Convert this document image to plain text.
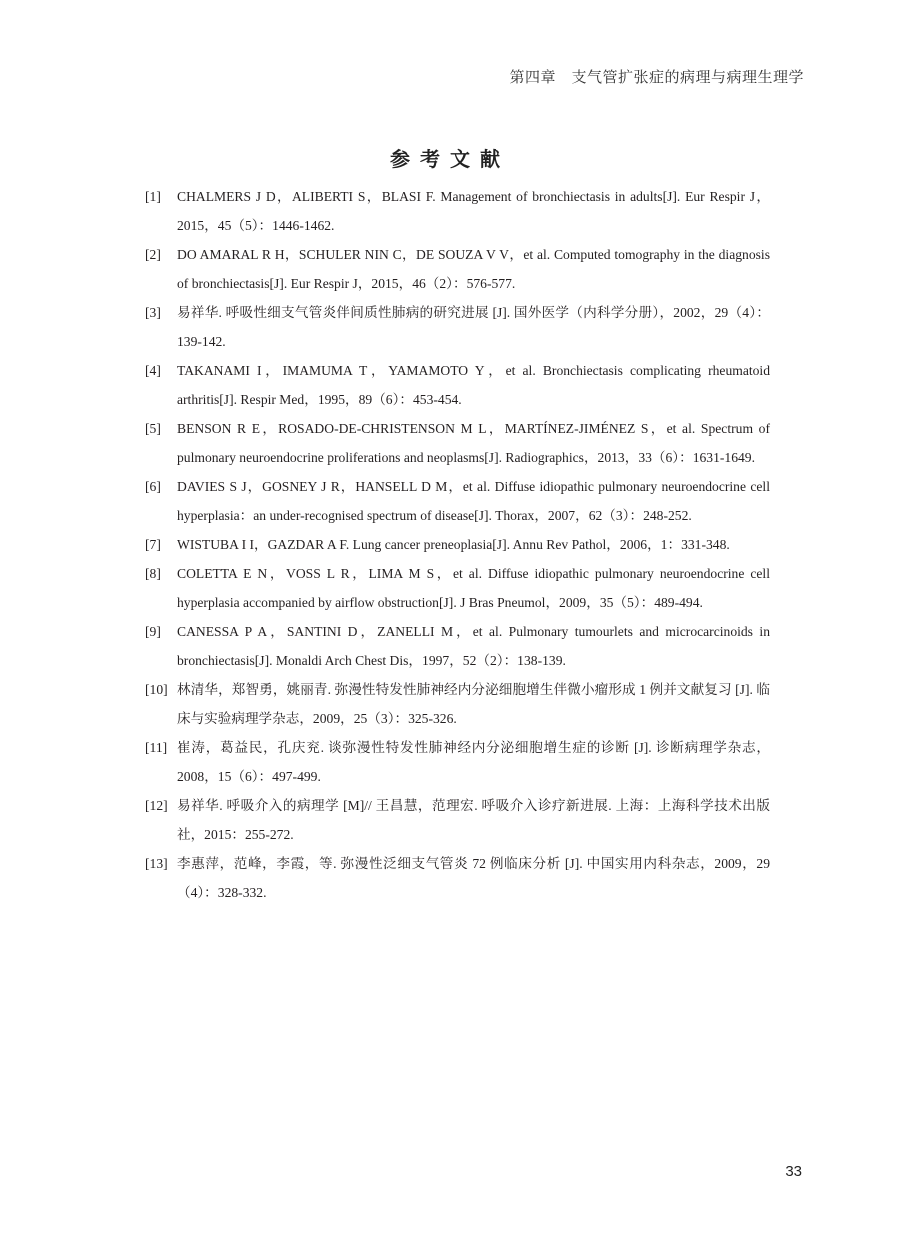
第四章　支气管扩张症的病理与病理生理学
参考文献
[1] CHALMERS J D，ALIBERTI S，BLASI F. Management of bronchiectasis in adults[J]. Eur Respir J，2015，45（5）：1446-1462.
[2] DO AMARAL R H，SCHULER NIN C，DE SOUZA V V，et al. Computed tomography in the diagnosis of bronchiectasis[J]. Eur Respir J，2015，46（2）：576-577.
[3] 易祥华. 呼吸性细支气管炎伴间质性肺病的研究进展 [J]. 国外医学（内科学分册），2002，29（4）：139-142.
[4] TAKANAMI I，IMAMUMA T，YAMAMOTO Y，et al. Bronchiectasis complicating rheumatoid arthritis[J]. Respir Med，1995，89（6）：453-454.
[5] BENSON R E，ROSADO-DE-CHRISTENSON M L，MARTÍNEZ-JIMÉNEZ S，et al. Spectrum of pulmonary neuroendocrine proliferations and neoplasms[J]. Radiographics，2013，33（6）：1631-1649.
[6] DAVIES S J，GOSNEY J R，HANSELL D M，et al. Diffuse idiopathic pulmonary neuroendocrine cell hyperplasia：an under-recognised spectrum of disease[J]. Thorax，2007，62（3）：248-252.
[7] WISTUBA I I，GAZDAR A F. Lung cancer preneoplasia[J]. Annu Rev Pathol，2006，1：331-348.
[8] COLETTA E N，VOSS L R，LIMA M S，et al. Diffuse idiopathic pulmonary neuroendocrine cell hyperplasia accompanied by airflow obstruction[J]. J Bras Pneumol，2009，35（5）：489-494.
[9] CANESSA P A，SANTINI D，ZANELLI M，et al. Pulmonary tumourlets and microcarcinoids in bronchiectasis[J]. Monaldi Arch Chest Dis，1997，52（2）：138-139.
[10] 林清华，郑智勇，姚丽青. 弥漫性特发性肺神经内分泌细胞增生伴微小瘤形成 1 例并文献复习 [J]. 临床与实验病理学杂志，2009，25（3）：325-326.
[11] 崔涛，葛益民，孔庆兖. 谈弥漫性特发性肺神经内分泌细胞增生症的诊断 [J]. 诊断病理学杂志，2008，15（6）：497-499.
[12] 易祥华. 呼吸介入的病理学 [M]// 王昌慧，范理宏. 呼吸介入诊疗新进展. 上海：上海科学技术出版社，2015：255-272.
[13] 李惠萍，范峰，李霞，等. 弥漫性泛细支气管炎 72 例临床分析 [J]. 中国实用内科杂志，2009，29（4）：328-332.
33
